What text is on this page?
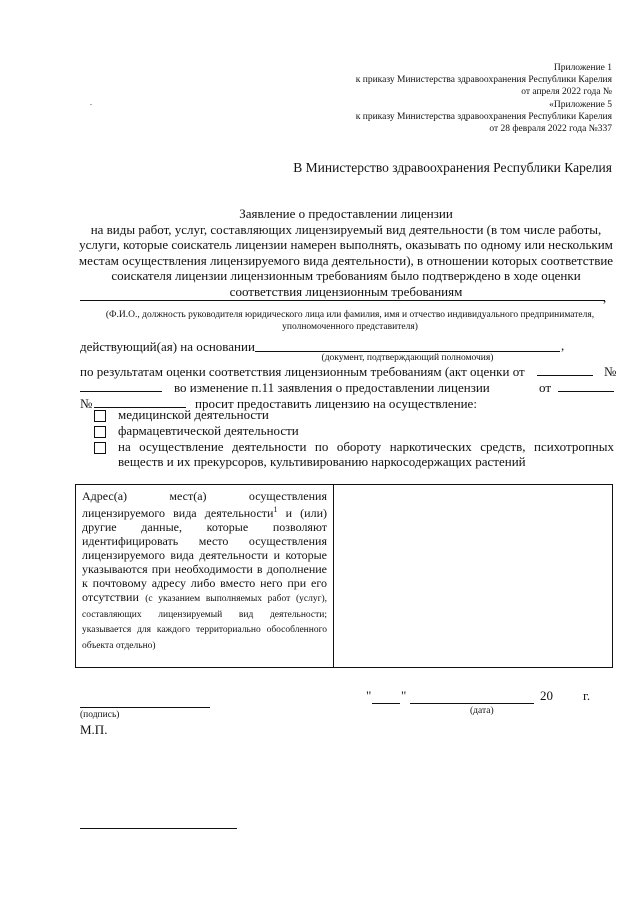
Приложение 1
к приказу Министерства здравоохранения Республики Карелия
от апреля 2022 года №
«Приложение 5
к приказу Министерства здравоохранения Республики Карелия
от 28 февраля 2022 года №337
.
В Министерство здравоохранения Республики Карелия
Заявление о предоставлении лицензии
на виды работ, услуг, составляющих лицензируемый вид деятельности (в том числе работы, услуги, которые соискатель лицензии намерен выполнять, оказывать по одному или нескольким местам осуществления лицензируемого вида деятельности), в отношении которых соответствие соискателя лицензии лицензионным требованиям было подтверждено в ходе оценки соответствия лицензионным требованиям	,
(Ф.И.О., должность руководителя юридического лица или фамилия, имя и отчество индивидуального предпринимателя, уполномоченного представителя)
действующий(ая) на основании	,
(документ, подтверждающий полномочия)
по результатам оценки соответствия лицензионным требованиям (акт оценки от	№
во изменение п.11 заявления о предоставлении лицензии	от
№	просит предоставить лицензию на осуществление:
медицинской деятельности
фармацевтической деятельности
на осуществление деятельности по обороту наркотических средств, психотропных веществ и их прекурсоров, культивированию наркосодержащих растений
Адрес(а) мест(а) осуществления лицензируемого вида деятельности$^1$ и (или) другие данные, которые позволяют идентифицировать место осуществления лицензируемого вида деятельности и которые указываются при необходимости в дополнение к почтовому адресу либо вместо него при его отсутствии (с указанием выполняемых работ (услуг), составляющих лицензируемый вид деятельности; указывается для каждого территориально обособленного объекта отдельно)	
(подпись)
М.П.
" "	20 г.
(дата)
